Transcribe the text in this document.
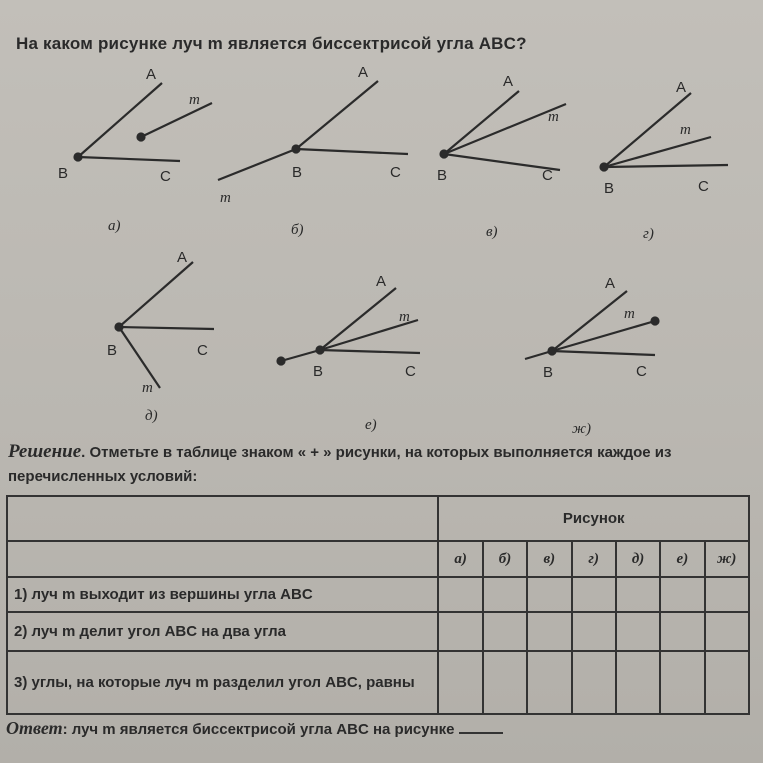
На каком рисунке луч m является биссектрисой угла ABC?
A
m
B	C
а)
A
m
B	C
б)
A
m
B	C
в)
A
m
B	C
г)
A
m
B	C
д)
A
m
B	C
е)
A
m
B	C
ж)
Решение. Отметьте в таблице знаком « + » рисунки, на которых выполняется каждое из перечисленных условий:
	Рисунок						
	а)	б)	в)	г)	д)	е)	ж)
1) луч m выходит из вершины угла ABC							
2) луч m делит угол ABC на два угла							
3) углы, на которые луч m разделил угол ABC, равны							
Ответ: луч m является биссектрисой угла ABC на рисунке
